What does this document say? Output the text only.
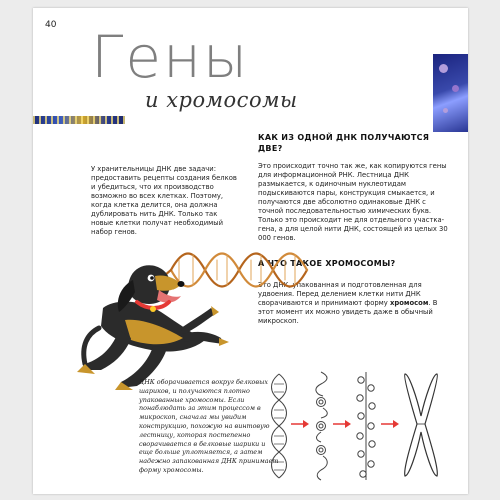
40 Гены
и хромосомы
У хранительницы ДНК две задачи: предоставить рецепты создания белков и убедиться, что их производство возможно во всех клетках. Поэтому, когда клетка делится, она должна дублировать нить ДНК. Только так новые клетки получат необходимый набор генов.
КАК ИЗ ОДНОЙ ДНК ПОЛУЧАЮТСЯ ДВЕ?
Это происходит точно так же, как копируются гены для информационной РНК. Лестница ДНК размыкается, к одиночным нуклеотидам подыскиваются пары, конструкция смыкается, и получаются две абсолютно одинаковые ДНК с точной последовательностью химических букв. Только это происходит не для отдельного участка-гена, а для целой нити ДНК, состоящей из целых 30 000 генов.
А ЧТО ТАКОЕ ХРОМОСОМЫ?
Это ДНК, упакованная и подготовленная для удвоения. Перед делением клетки нити ДНК сворачиваются и принимают форму хромосом. В этот момент их можно увидеть даже в обычный микроскоп.
ДНК оборачивается вокруг белковых шариков, и получаются плотно упакованные хромосомы. Если понаблюдать за этим процессом в микроскоп, сначала мы увидим конструкцию, похожую на винтовую лестницу, которая постепенно сворачивается в белковые шарики и еще больше уплотняется, а затем надежно запакованная ДНК принимает форму хромосомы.
